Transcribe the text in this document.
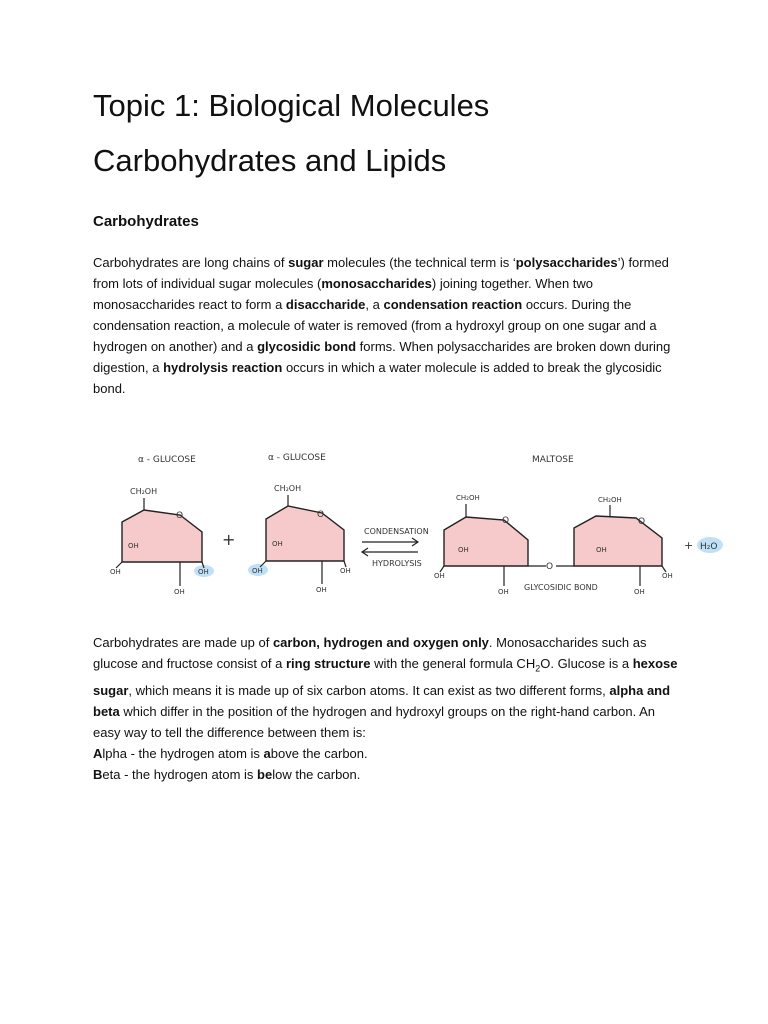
Topic 1: Biological Molecules
Carbohydrates and Lipids
Carbohydrates

Carbohydrates are long chains of sugar molecules (the technical term is ‘polysaccharides’) formed
from lots of individual sugar molecules (monosaccharides) joining together. When two
monosaccharides react to form a disaccharide, a condensation reaction occurs. During the
condensation reaction, a molecule of water is removed (from a hydroxyl group on one sugar and a
hydrogen on another) and a glycosidic bond forms. When polysaccharides are broken down during
digestion, a hydrolysis reaction occurs in which a water molecule is added to break the glycosidic
bond.

Carbohydrates are made up of carbon, hydrogen and oxygen only. Monosaccharides such as
glucose and fructose consist of a ring structure with the general formula $CH_2O$. Glucose is a hexose
sugar, which means it is made up of six carbon atoms. It can exist as two different forms, alpha and
beta which differ in the position of the hydrogen and hydroxyl groups on the right-hand carbon. An
easy way to tell the difference between them is:
Alpha - the hydrogen atom is above the carbon.
Beta - the hydrogen atom is below the carbon.

α - GLUCOSE	α - GLUCOSE	MALTOSE
CH₂OH
O
OH
OH
OH
OH
+
CH₂OH
O
OH
OH
OH
OH
CONDENSATION
HYDROLYSIS
CH₂OH
O
OH
OH
OH
O
GLYCOSIDIC BOND
CH₂OH
O
OH
OH
OH
+ H₂O
